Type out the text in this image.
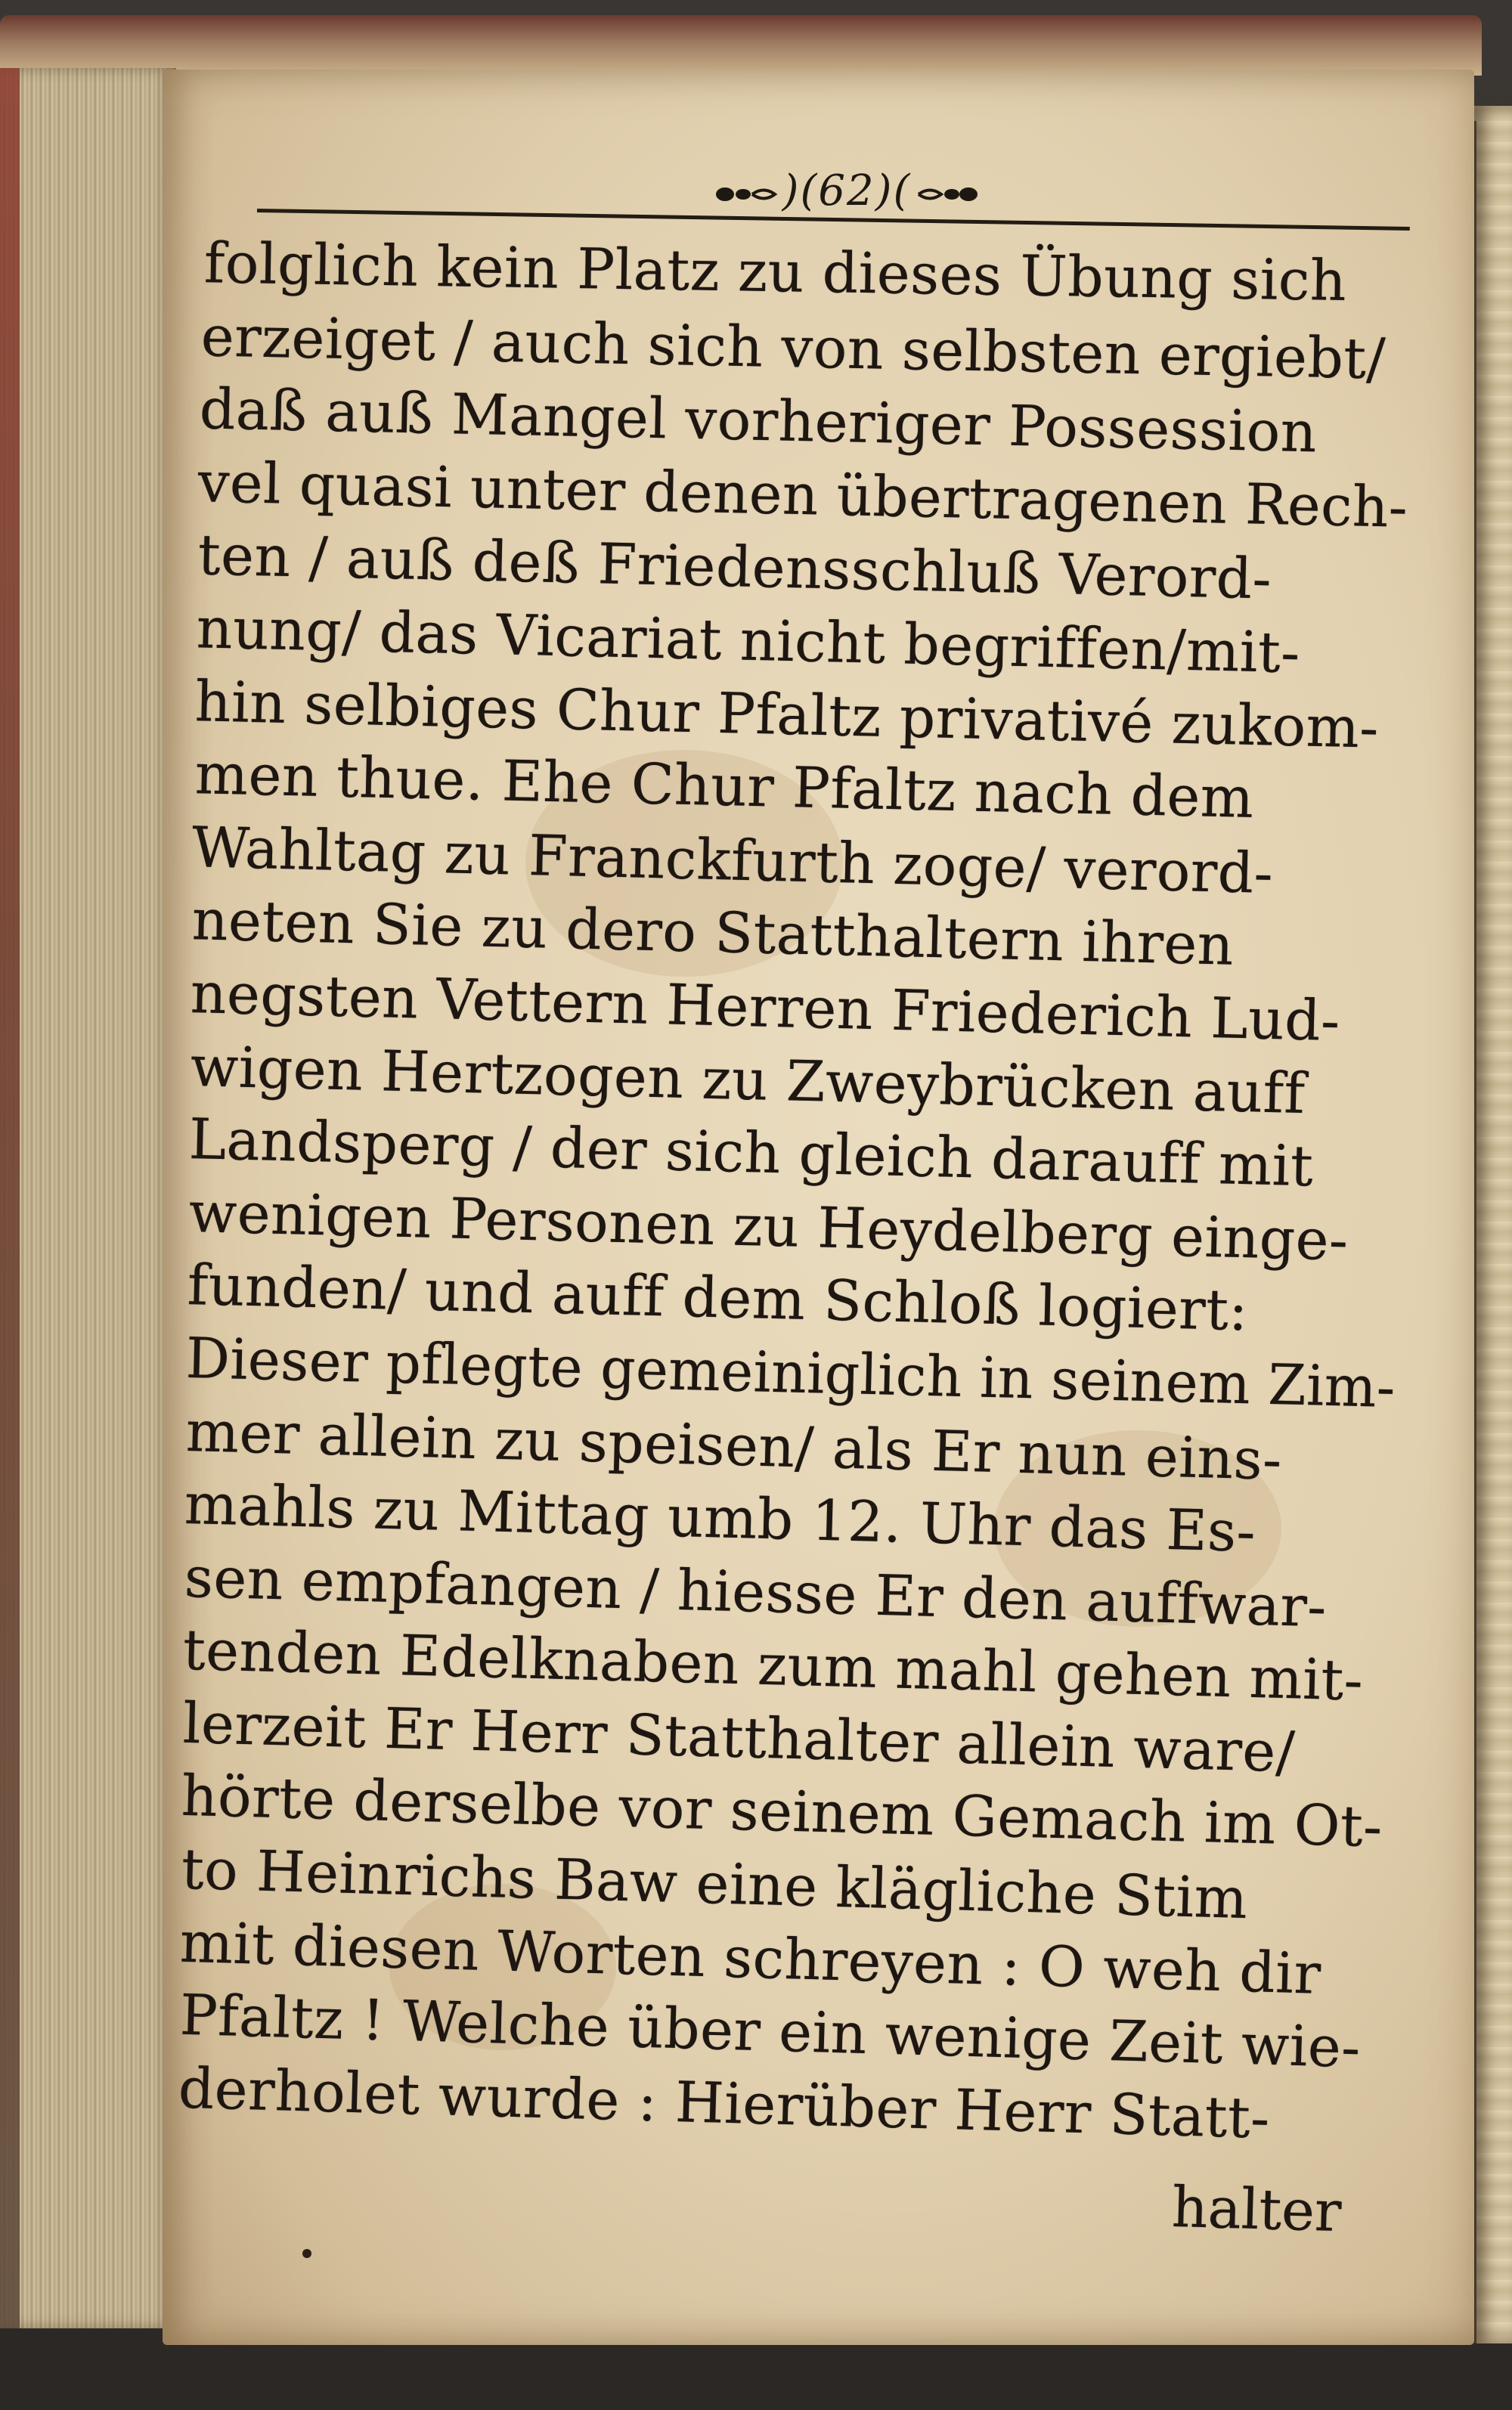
)(62)(
folglich kein Platz zu dieses Übung sich
erzeiget / auch sich von selbsten ergiebt/
daß auß Mangel vorheriger Possession
vel quasi unter denen übertragenen Rech-
ten / auß deß Friedensschluß Verord-
nung/ das Vicariat nicht begriffen/mit-
hin selbiges Chur Pfaltz privativé zukom-
men thue. Ehe Chur Pfaltz nach dem
Wahltag zu Franckfurth zoge/ verord-
neten Sie zu dero Statthaltern ihren
negsten Vettern Herren Friederich Lud-
wigen Hertzogen zu Zweybrücken auff
Landsperg / der sich gleich darauff mit
wenigen Personen zu Heydelberg einge-
funden/ und auff dem Schloß logiert:
Dieser pflegte gemeiniglich in seinem Zim-
mer allein zu speisen/ als Er nun eins-
mahls zu Mittag umb 12. Uhr das Es-
sen empfangen / hiesse Er den auffwar-
tenden Edelknaben zum mahl gehen mit-
lerzeit Er Herr Statthalter allein ware/
hörte derselbe vor seinem Gemach im Ot-
to Heinrichs Baw eine klägliche Stim
mit diesen Worten schreyen : O weh dir
Pfaltz ! Welche über ein wenige Zeit wie-
derholet wurde : Hierüber Herr Statt-
halter
